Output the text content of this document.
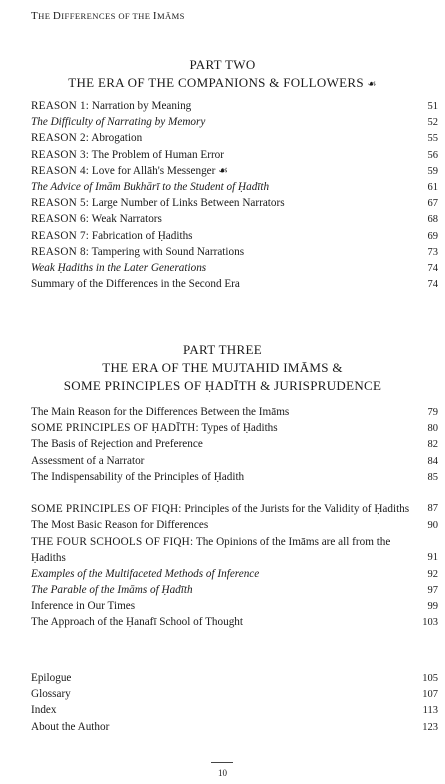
THE DIFFERENCES OF THE IMĀMS
PART TWO
THE ERA OF THE COMPANIONS & FOLLOWERS ☙
REASON 1: Narration by Meaning	51
The Difficulty of Narrating by Memory	52
REASON 2: Abrogation	55
REASON 3: The Problem of Human Error	56
REASON 4: Love for Allāh's Messenger ☙	59
The Advice of Imām Bukhārī to the Student of Ḥadīth	61
REASON 5: Large Number of Links Between Narrators	67
REASON 6: Weak Narrators	68
REASON 7: Fabrication of Ḥadiths	69
REASON 8: Tampering with Sound Narrations	73
Weak Ḥadiths in the Later Generations	74
Summary of the Differences in the Second Era	74
PART THREE
THE ERA OF THE MUJTAHID IMĀMS &
SOME PRINCIPLES OF ḤADĪTH & JURISPRUDENCE
The Main Reason for the Differences Between the Imāms	79
SOME PRINCIPLES OF ḤADĪTH: Types of Ḥadiths	80
The Basis of Rejection and Preference	82
Assessment of a Narrator	84
The Indispensability of the Principles of Ḥadith	85
SOME PRINCIPLES OF FIQH: Principles of the Jurists for the Validity of Ḥadiths	87
The Most Basic Reason for Differences	90
THE FOUR SCHOOLS OF FIQH: The Opinions of the Imāms are all from the Ḥadiths	91
Examples of the Multifaceted Methods of Inference	92
The Parable of the Imāms of Ḥadīth	97
Inference in Our Times	99
The Approach of the Ḥanafī School of Thought	103
Epilogue	105
Glossary	107
Index	113
About the Author	123
10
